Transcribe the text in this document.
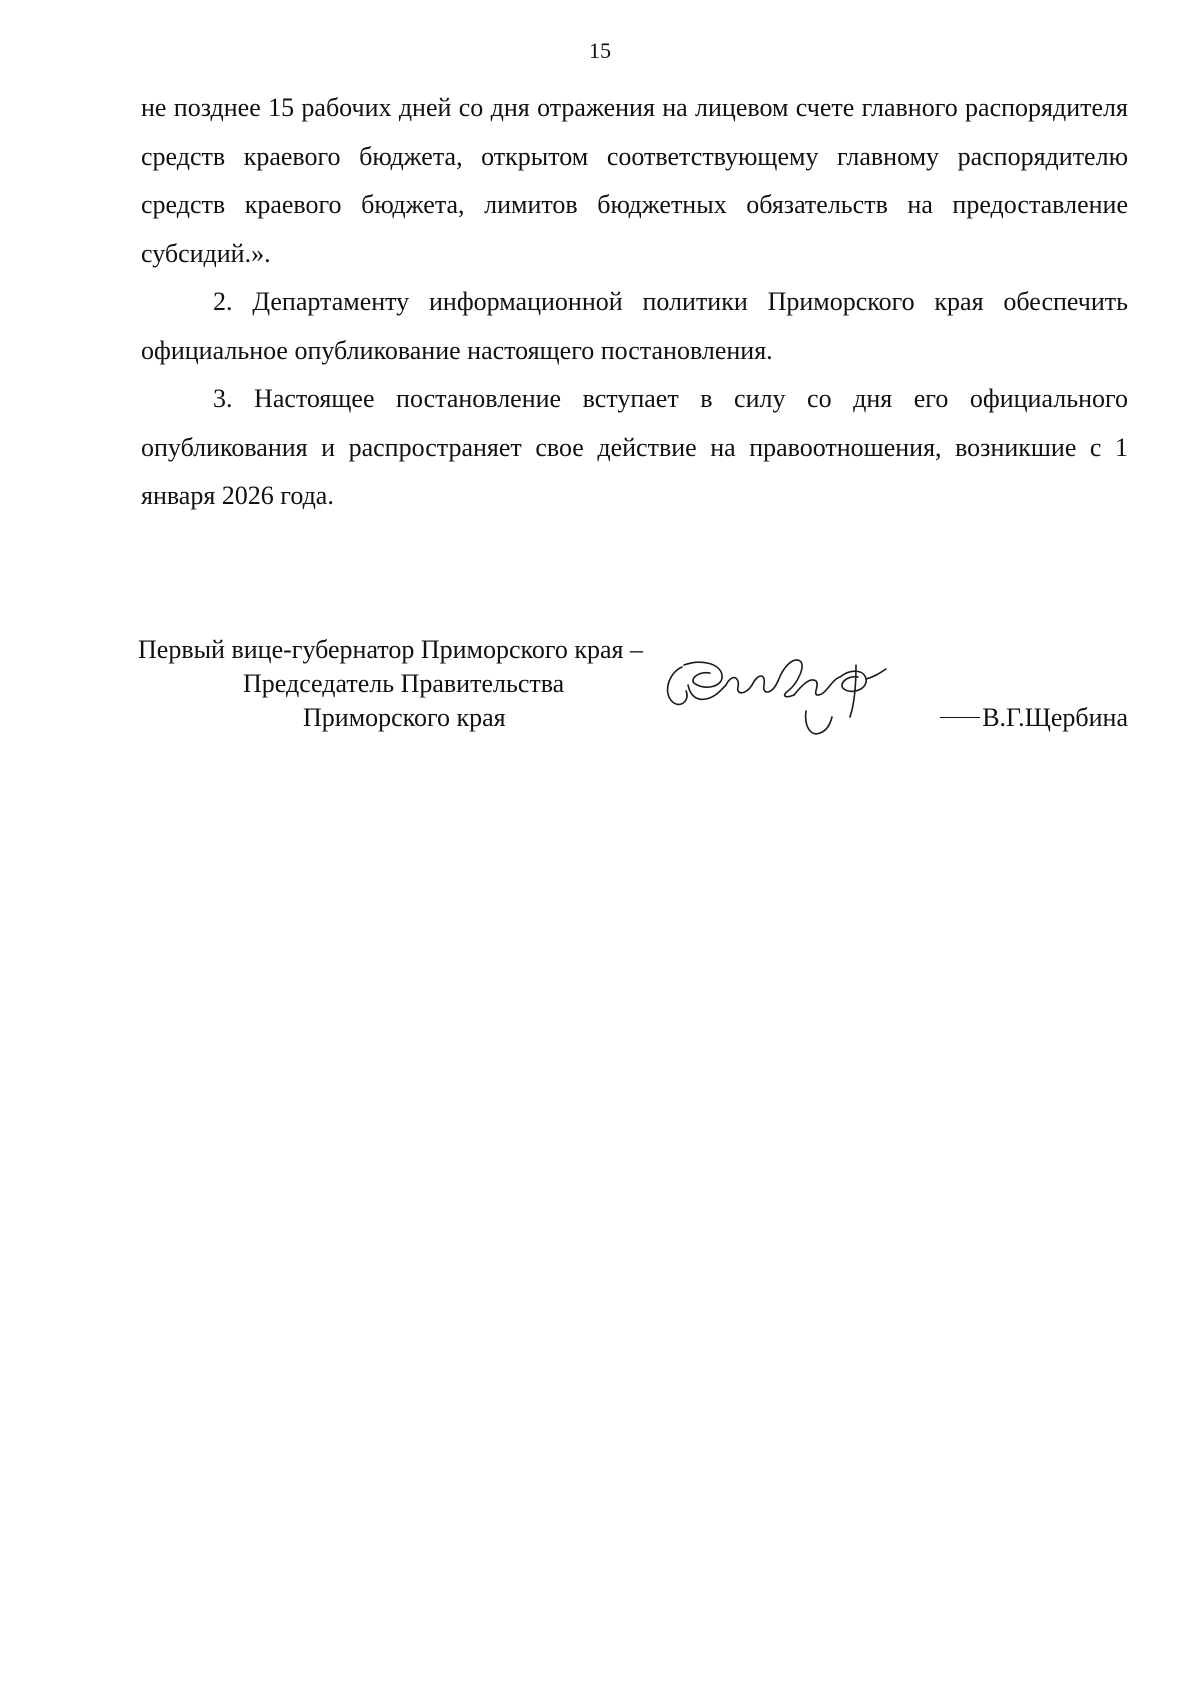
15

не позднее 15 рабочих дней со дня отражения на лицевом счете главного распорядителя средств краевого бюджета, открытом соответствующему главному распорядителю средств краевого бюджета, лимитов бюджетных обязательств на предоставление субсидий.».

2. Департаменту информационной политики Приморского края обеспечить официальное опубликование настоящего постановления.

3. Настоящее постановление вступает в силу со дня его официального опубликования и распространяет свое действие на правоотношения, возникшие с 1 января 2026 года.

Первый вице-губернатор Приморского края –
Председатель Правительства
Приморского края	В.Г.Щербина
